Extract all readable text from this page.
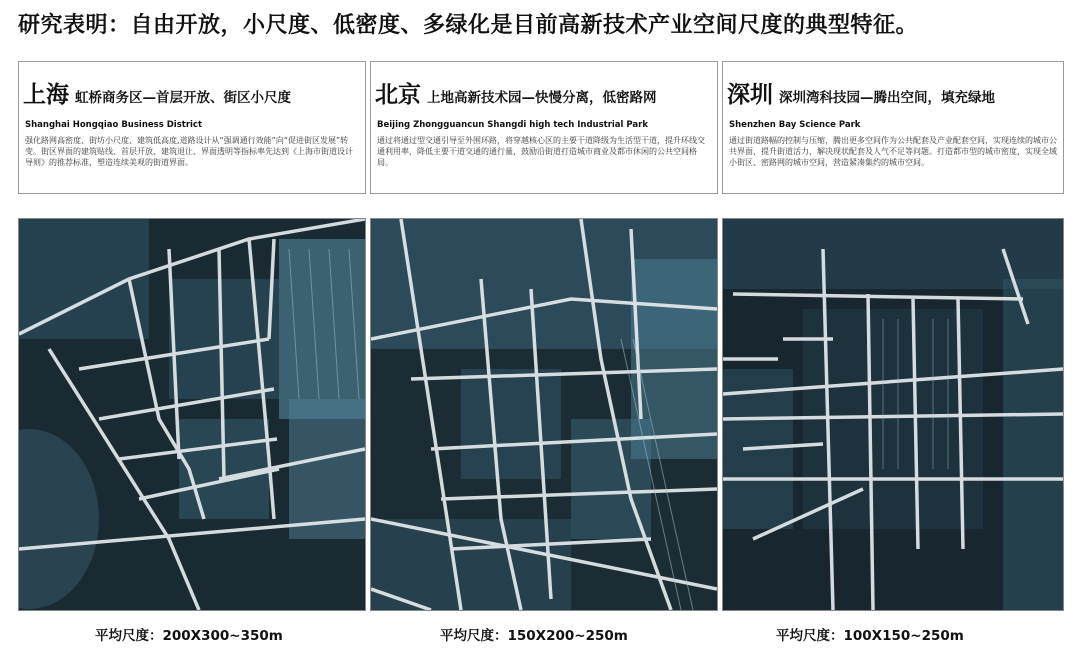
研究表明：自由开放，小尺度、低密度、多绿化是目前高新技术产业空间尺度的典型特征。
上海 虹桥商务区—首层开放、街区小尺度
Shanghai Hongqiao Business District
强化路网高密度、街坊小尺度、建筑低高度,道路设计从“强调通行效能”向“促进街区发展”转变。街区界面的建筑贴线、首层开放、建筑退让、界面透明等指标率先达到《上海市街道设计导则》的推荐标准，塑造连续美观的街道界面。
北京 上地高新技术园—快慢分离，低密路网
Beijing Zhongguancun Shangdi high tech Industrial Park
通过将通过型交通引导至外围环路，将穿越核心区的主要干道降级为生活型干道，提升环线交通利用率，降低主要干道交通的通行量，鼓励沿街道打造城市商业及都市休闲的公共空间格局。
深圳 深圳湾科技园—腾出空间，填充绿地
Shenzhen Bay Science Park
通过街道路幅的控制与压缩，腾出更多空间作为公共配套及产业配套空间，实现连续的城市公共界面，提升街道活力，解决现状配套及人气不足等问题。打造都市型的城市密度，实现全域小街区、密路网的城市空间，营造紧凑集约的城市空间。
平均尺度：200X300~350m	平均尺度：150X200~250m	平均尺度：100X150~250m
